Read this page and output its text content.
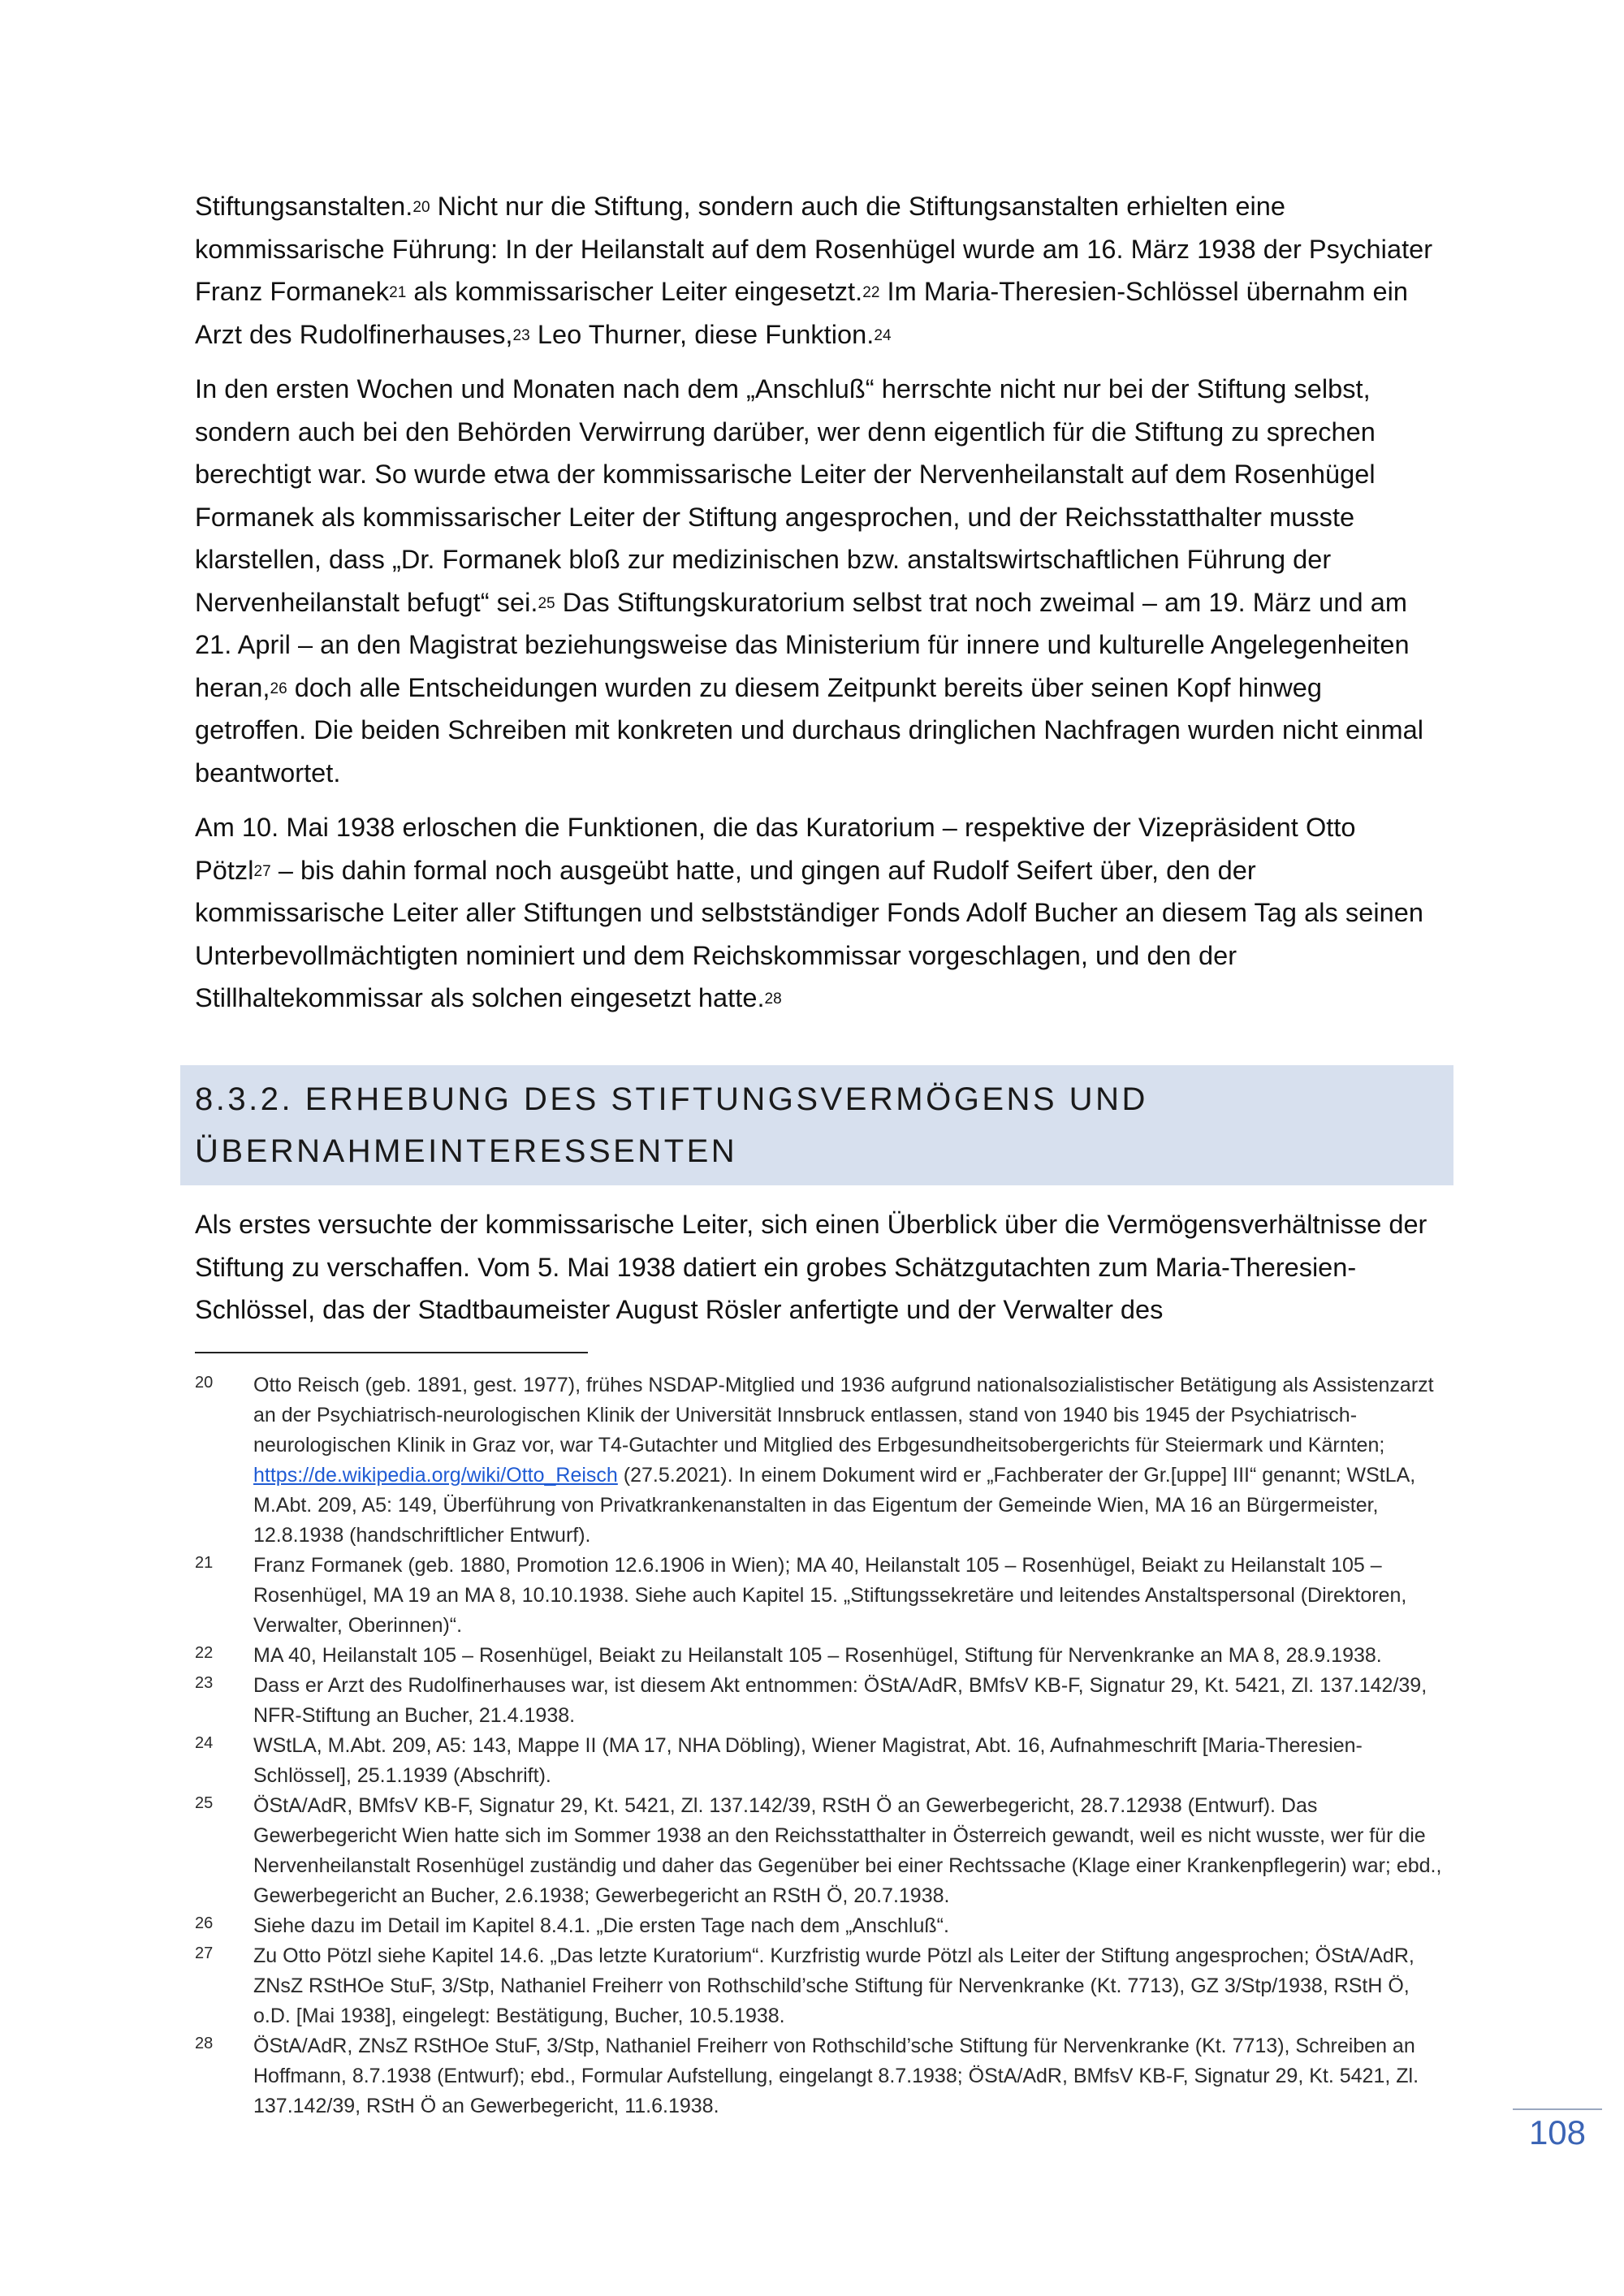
Stiftungsanstalten.$^{20}$ Nicht nur die Stiftung, sondern auch die Stiftungsanstalten erhielten eine kommissarische Führung: In der Heilanstalt auf dem Rosenhügel wurde am 16. März 1938 der Psychiater Franz Formanek$^{21}$ als kommissarischer Leiter eingesetzt.$^{22}$ Im Maria-Theresien-Schlössel übernahm ein Arzt des Rudolfinerhauses,$^{23}$ Leo Thurner, diese Funktion.$^{24}$

In den ersten Wochen und Monaten nach dem „Anschluß“ herrschte nicht nur bei der Stiftung selbst, sondern auch bei den Behörden Verwirrung darüber, wer denn eigentlich für die Stiftung zu sprechen berechtigt war. So wurde etwa der kommissarische Leiter der Nervenheilanstalt auf dem Rosenhügel Formanek als kommissarischer Leiter der Stiftung angesprochen, und der Reichsstatthalter musste klarstellen, dass „Dr. Formanek bloß zur medizinischen bzw. anstaltswirtschaftlichen Führung der Nervenheilanstalt befugt“ sei.$^{25}$ Das Stiftungskuratorium selbst trat noch zweimal – am 19. März und am 21. April – an den Magistrat beziehungsweise das Ministerium für innere und kulturelle Angelegenheiten heran,$^{26}$ doch alle Entscheidungen wurden zu diesem Zeitpunkt bereits über seinen Kopf hinweg getroffen. Die beiden Schreiben mit konkreten und durchaus dringlichen Nachfragen wurden nicht einmal beantwortet.

Am 10. Mai 1938 erloschen die Funktionen, die das Kuratorium – respektive der Vizepräsident Otto Pötzl$^{27}$ – bis dahin formal noch ausgeübt hatte, und gingen auf Rudolf Seifert über, den der kommissarische Leiter aller Stiftungen und selbstständiger Fonds Adolf Bucher an diesem Tag als seinen Unterbevollmächtigten nominiert und dem Reichskommissar vorgeschlagen, und den der Stillhaltekommissar als solchen eingesetzt hatte.$^{28}$

8.3.2. ERHEBUNG DES STIFTUNGSVERMÖGENS UND
ÜBERNAHMEINTERESSENTEN

Als erstes versuchte der kommissarische Leiter, sich einen Überblick über die Vermögensverhältnisse der Stiftung zu verschaffen. Vom 5. Mai 1938 datiert ein grobes Schätzgutachten zum Maria-Theresien-Schlössel, das der Stadtbaumeister August Rösler anfertigte und der Verwalter des

20	Otto Reisch (geb. 1891, gest. 1977), frühes NSDAP-Mitglied und 1936 aufgrund nationalsozialistischer Betätigung als Assistenzarzt an der Psychiatrisch-neurologischen Klinik der Universität Innsbruck entlassen, stand von 1940 bis 1945 der Psychiatrisch-neurologischen Klinik in Graz vor, war T4-Gutachter und Mitglied des Erbgesundheitsobergerichts für Steiermark und Kärnten; https://de.wikipedia.org/wiki/Otto_Reisch (27.5.2021). In einem Dokument wird er „Fachberater der Gr.[uppe] III“ genannt; WStLA, M.Abt. 209, A5: 149, Überführung von Privatkrankenanstalten in das Eigentum der Gemeinde Wien, MA 16 an Bürgermeister, 12.8.1938 (handschriftlicher Entwurf).
21	Franz Formanek (geb. 1880, Promotion 12.6.1906 in Wien); MA 40, Heilanstalt 105 – Rosenhügel, Beiakt zu Heilanstalt 105 – Rosenhügel, MA 19 an MA 8, 10.10.1938. Siehe auch Kapitel 15. „Stiftungssekretäre und leitendes Anstaltspersonal (Direktoren, Verwalter, Oberinnen)“.
22	MA 40, Heilanstalt 105 – Rosenhügel, Beiakt zu Heilanstalt 105 – Rosenhügel, Stiftung für Nervenkranke an MA 8, 28.9.1938.
23	Dass er Arzt des Rudolfinerhauses war, ist diesem Akt entnommen: ÖStA/AdR, BMfsV KB-F, Signatur 29, Kt. 5421, Zl. 137.142/39, NFR-Stiftung an Bucher, 21.4.1938.
24	WStLA, M.Abt. 209, A5: 143, Mappe II (MA 17, NHA Döbling), Wiener Magistrat, Abt. 16, Aufnahmeschrift [Maria-Theresien-Schlössel], 25.1.1939 (Abschrift).
25	ÖStA/AdR, BMfsV KB-F, Signatur 29, Kt. 5421, Zl. 137.142/39, RStH Ö an Gewerbegericht, 28.7.12938 (Entwurf). Das Gewerbegericht Wien hatte sich im Sommer 1938 an den Reichsstatthalter in Österreich gewandt, weil es nicht wusste, wer für die Nervenheilanstalt Rosenhügel zuständig und daher das Gegenüber bei einer Rechtssache (Klage einer Krankenpflegerin) war; ebd., Gewerbegericht an Bucher, 2.6.1938; Gewerbegericht an RStH Ö, 20.7.1938.
26	Siehe dazu im Detail im Kapitel 8.4.1. „Die ersten Tage nach dem „Anschluß“.
27	Zu Otto Pötzl siehe Kapitel 14.6. „Das letzte Kuratorium“. Kurzfristig wurde Pötzl als Leiter der Stiftung angesprochen; ÖStA/AdR, ZNsZ RStHOe StuF, 3/Stp, Nathaniel Freiherr von Rothschild’sche Stiftung für Nervenkranke (Kt. 7713), GZ 3/Stp/1938, RStH Ö, o.D. [Mai 1938], eingelegt: Bestätigung, Bucher, 10.5.1938.
28	ÖStA/AdR, ZNsZ RStHOe StuF, 3/Stp, Nathaniel Freiherr von Rothschild’sche Stiftung für Nervenkranke (Kt. 7713), Schreiben an Hoffmann, 8.7.1938 (Entwurf); ebd., Formular Aufstellung, eingelangt 8.7.1938; ÖStA/AdR, BMfsV KB-F, Signatur 29, Kt. 5421, Zl. 137.142/39, RStH Ö an Gewerbegericht, 11.6.1938.
108
